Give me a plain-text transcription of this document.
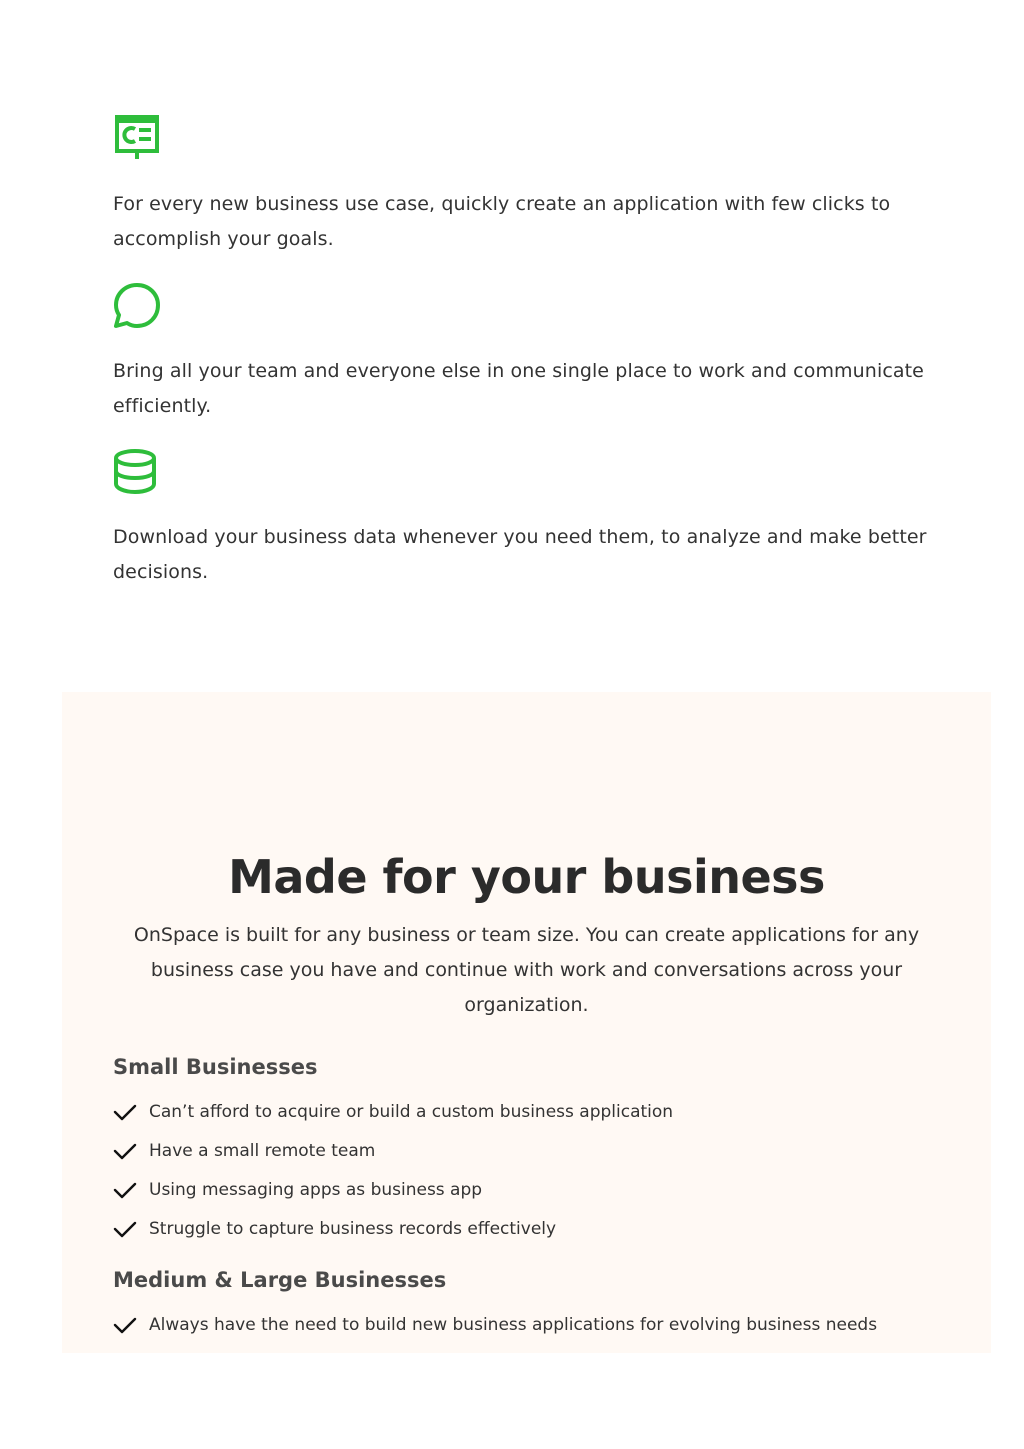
For every new business use case, quickly create an application with few clicks to accomplish your goals.

Bring all your team and everyone else in one single place to work and communicate efficiently.

Download your business data whenever you need them, to analyze and make better decisions.

Made for your business

OnSpace is built for any business or team size. You can create applications for any business case you have and continue with work and conversations across your organization.

Small Businesses
Can’t afford to acquire or build a custom business application
Have a small remote team
Using messaging apps as business app
Struggle to capture business records effectively
Medium & Large Businesses
Always have the need to build new business applications for evolving business needs
